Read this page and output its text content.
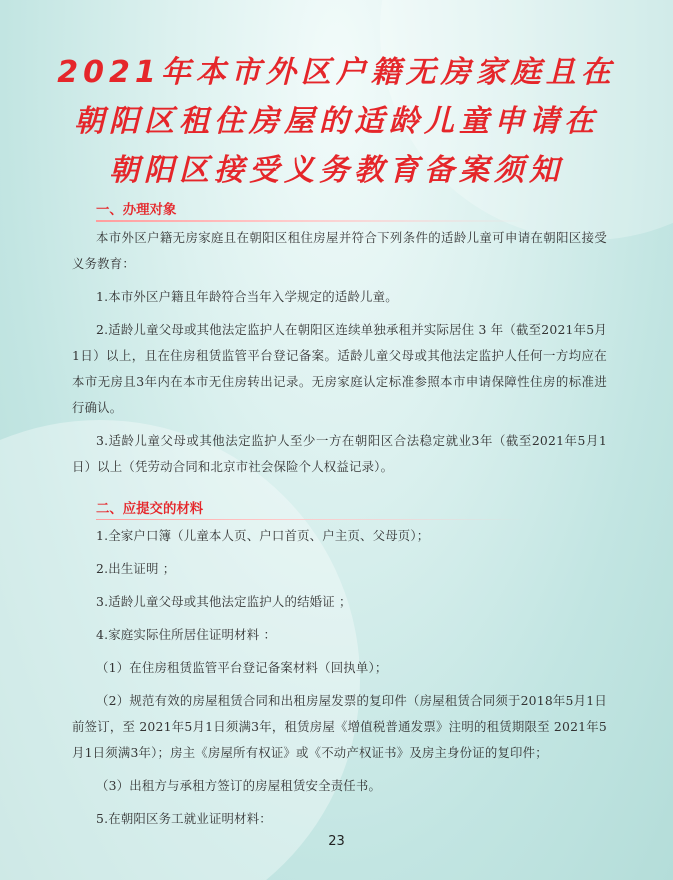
2021年本市外区户籍无房家庭且在
朝阳区租住房屋的适龄儿童申请在
朝阳区接受义务教育备案须知
一、办理对象

本市外区户籍无房家庭且在朝阳区租住房屋并符合下列条件的适龄儿童可申请在朝阳区接受义务教育：

1.本市外区户籍且年龄符合当年入学规定的适龄儿童。

2.适龄儿童父母或其他法定监护人在朝阳区连续单独承租并实际居住 3 年（截至2021年5月1日）以上，且在住房租赁监管平台登记备案。适龄儿童父母或其他法定监护人任何一方均应在本市无房且3年内在本市无住房转出记录。无房家庭认定标准参照本市申请保障性住房的标准进行确认。

3.适龄儿童父母或其他法定监护人至少一方在朝阳区合法稳定就业3年（截至2021年5月1日）以上（凭劳动合同和北京市社会保险个人权益记录）。

二、应提交的材料

1.全家户口簿（儿童本人页、户口首页、户主页、父母页）；

2.出生证明 ；

3.适龄儿童父母或其他法定监护人的结婚证 ；

4.家庭实际住所居住证明材料 ：

（1）在住房租赁监管平台登记备案材料（回执单）；

（2）规范有效的房屋租赁合同和出租房屋发票的复印件（房屋租赁合同须于2018年5月1日前签订，至 2021年5月1日须满3年，租赁房屋《增值税普通发票》注明的租赁期限至 2021年5月1日须满3年）；房主《房屋所有权证》或《不动产权证书》及房主身份证的复印件；

（3）出租方与承租方签订的房屋租赁安全责任书。

5.在朝阳区务工就业证明材料：

23
